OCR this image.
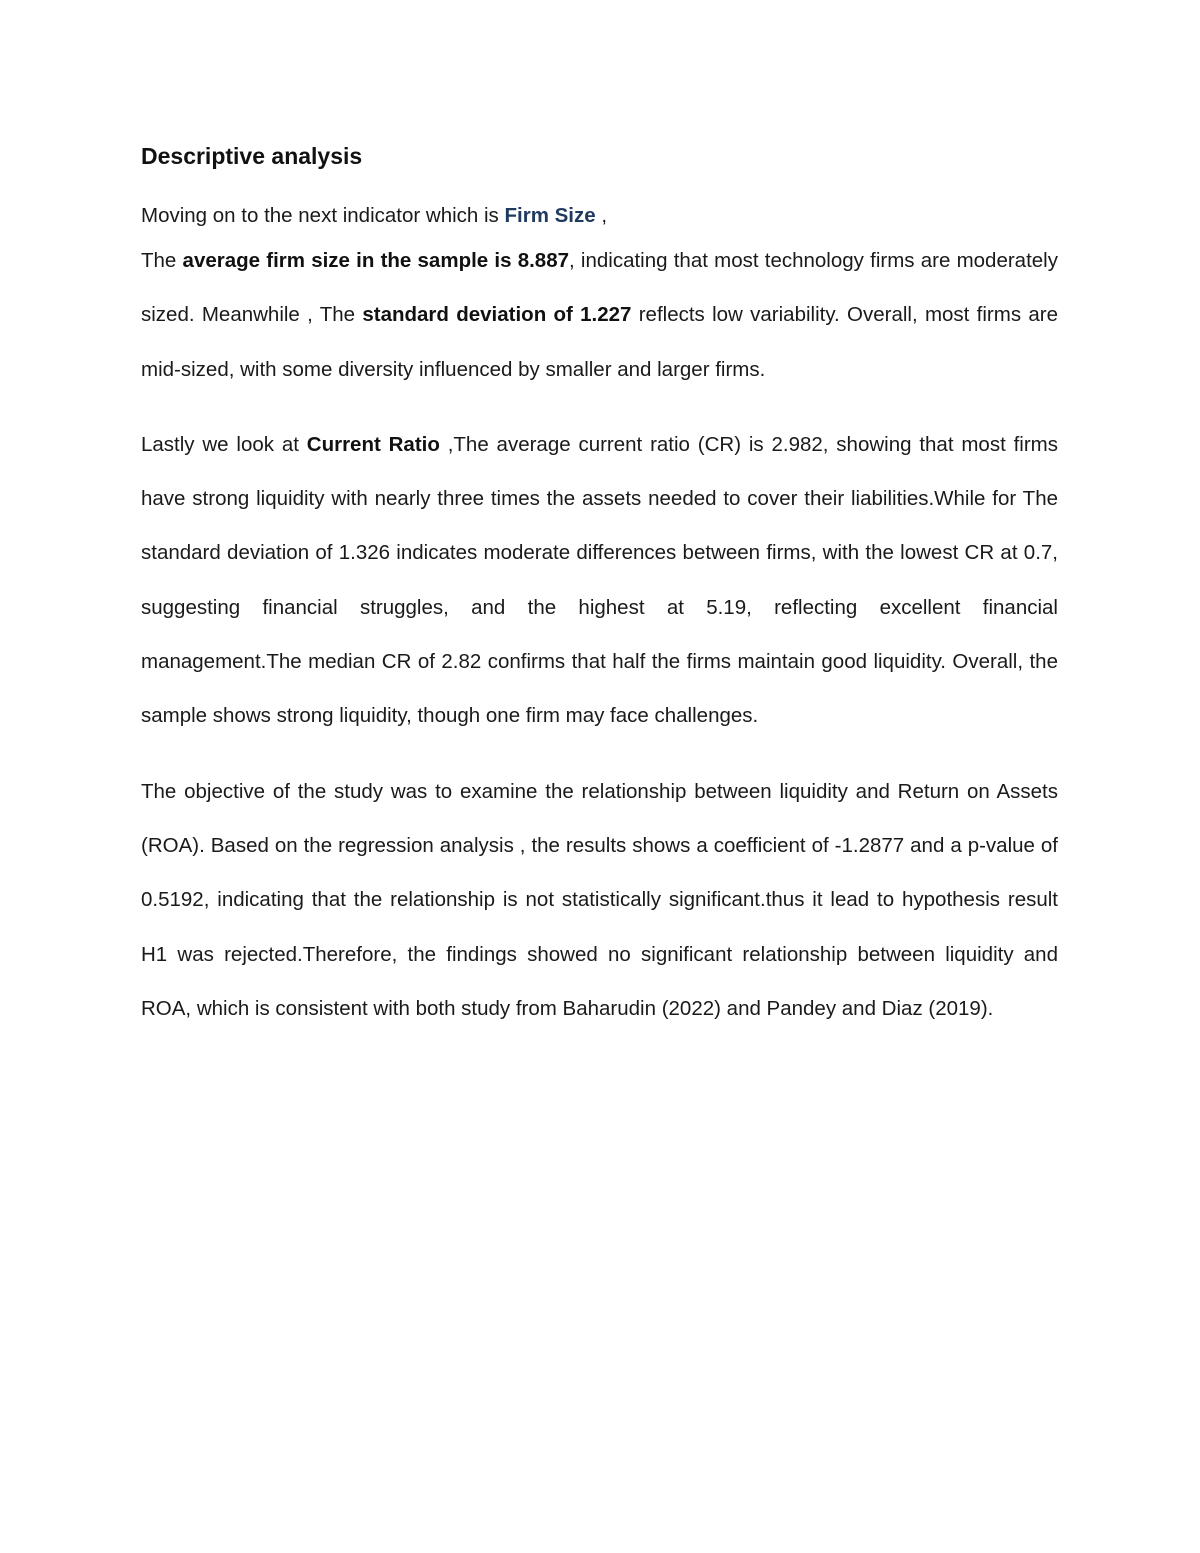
Descriptive analysis

Moving on to the next indicator which is Firm Size ,

The average firm size in the sample is 8.887, indicating that most technology firms are moderately sized. Meanwhile , The standard deviation of 1.227 reflects low variability. Overall, most firms are mid-sized, with some diversity influenced by smaller and larger firms.

Lastly we look at Current Ratio ,The average current ratio (CR) is 2.982, showing that most firms have strong liquidity with nearly three times the assets needed to cover their liabilities.While for The standard deviation of 1.326 indicates moderate differences between firms, with the lowest CR at 0.7, suggesting financial struggles, and the highest at 5.19, reflecting excellent financial management.The median CR of 2.82 confirms that half the firms maintain good liquidity. Overall, the sample shows strong liquidity, though one firm may face challenges.

The objective of the study was to examine the relationship between liquidity and Return on Assets (ROA). Based on the regression analysis , the results shows a coefficient of -1.2877 and a p-value of 0.5192, indicating that the relationship is not statistically significant.thus it lead to hypothesis result H1 was rejected.Therefore, the findings showed no significant relationship between liquidity and ROA, which is consistent with both study from Baharudin (2022) and Pandey and Diaz (2019).
